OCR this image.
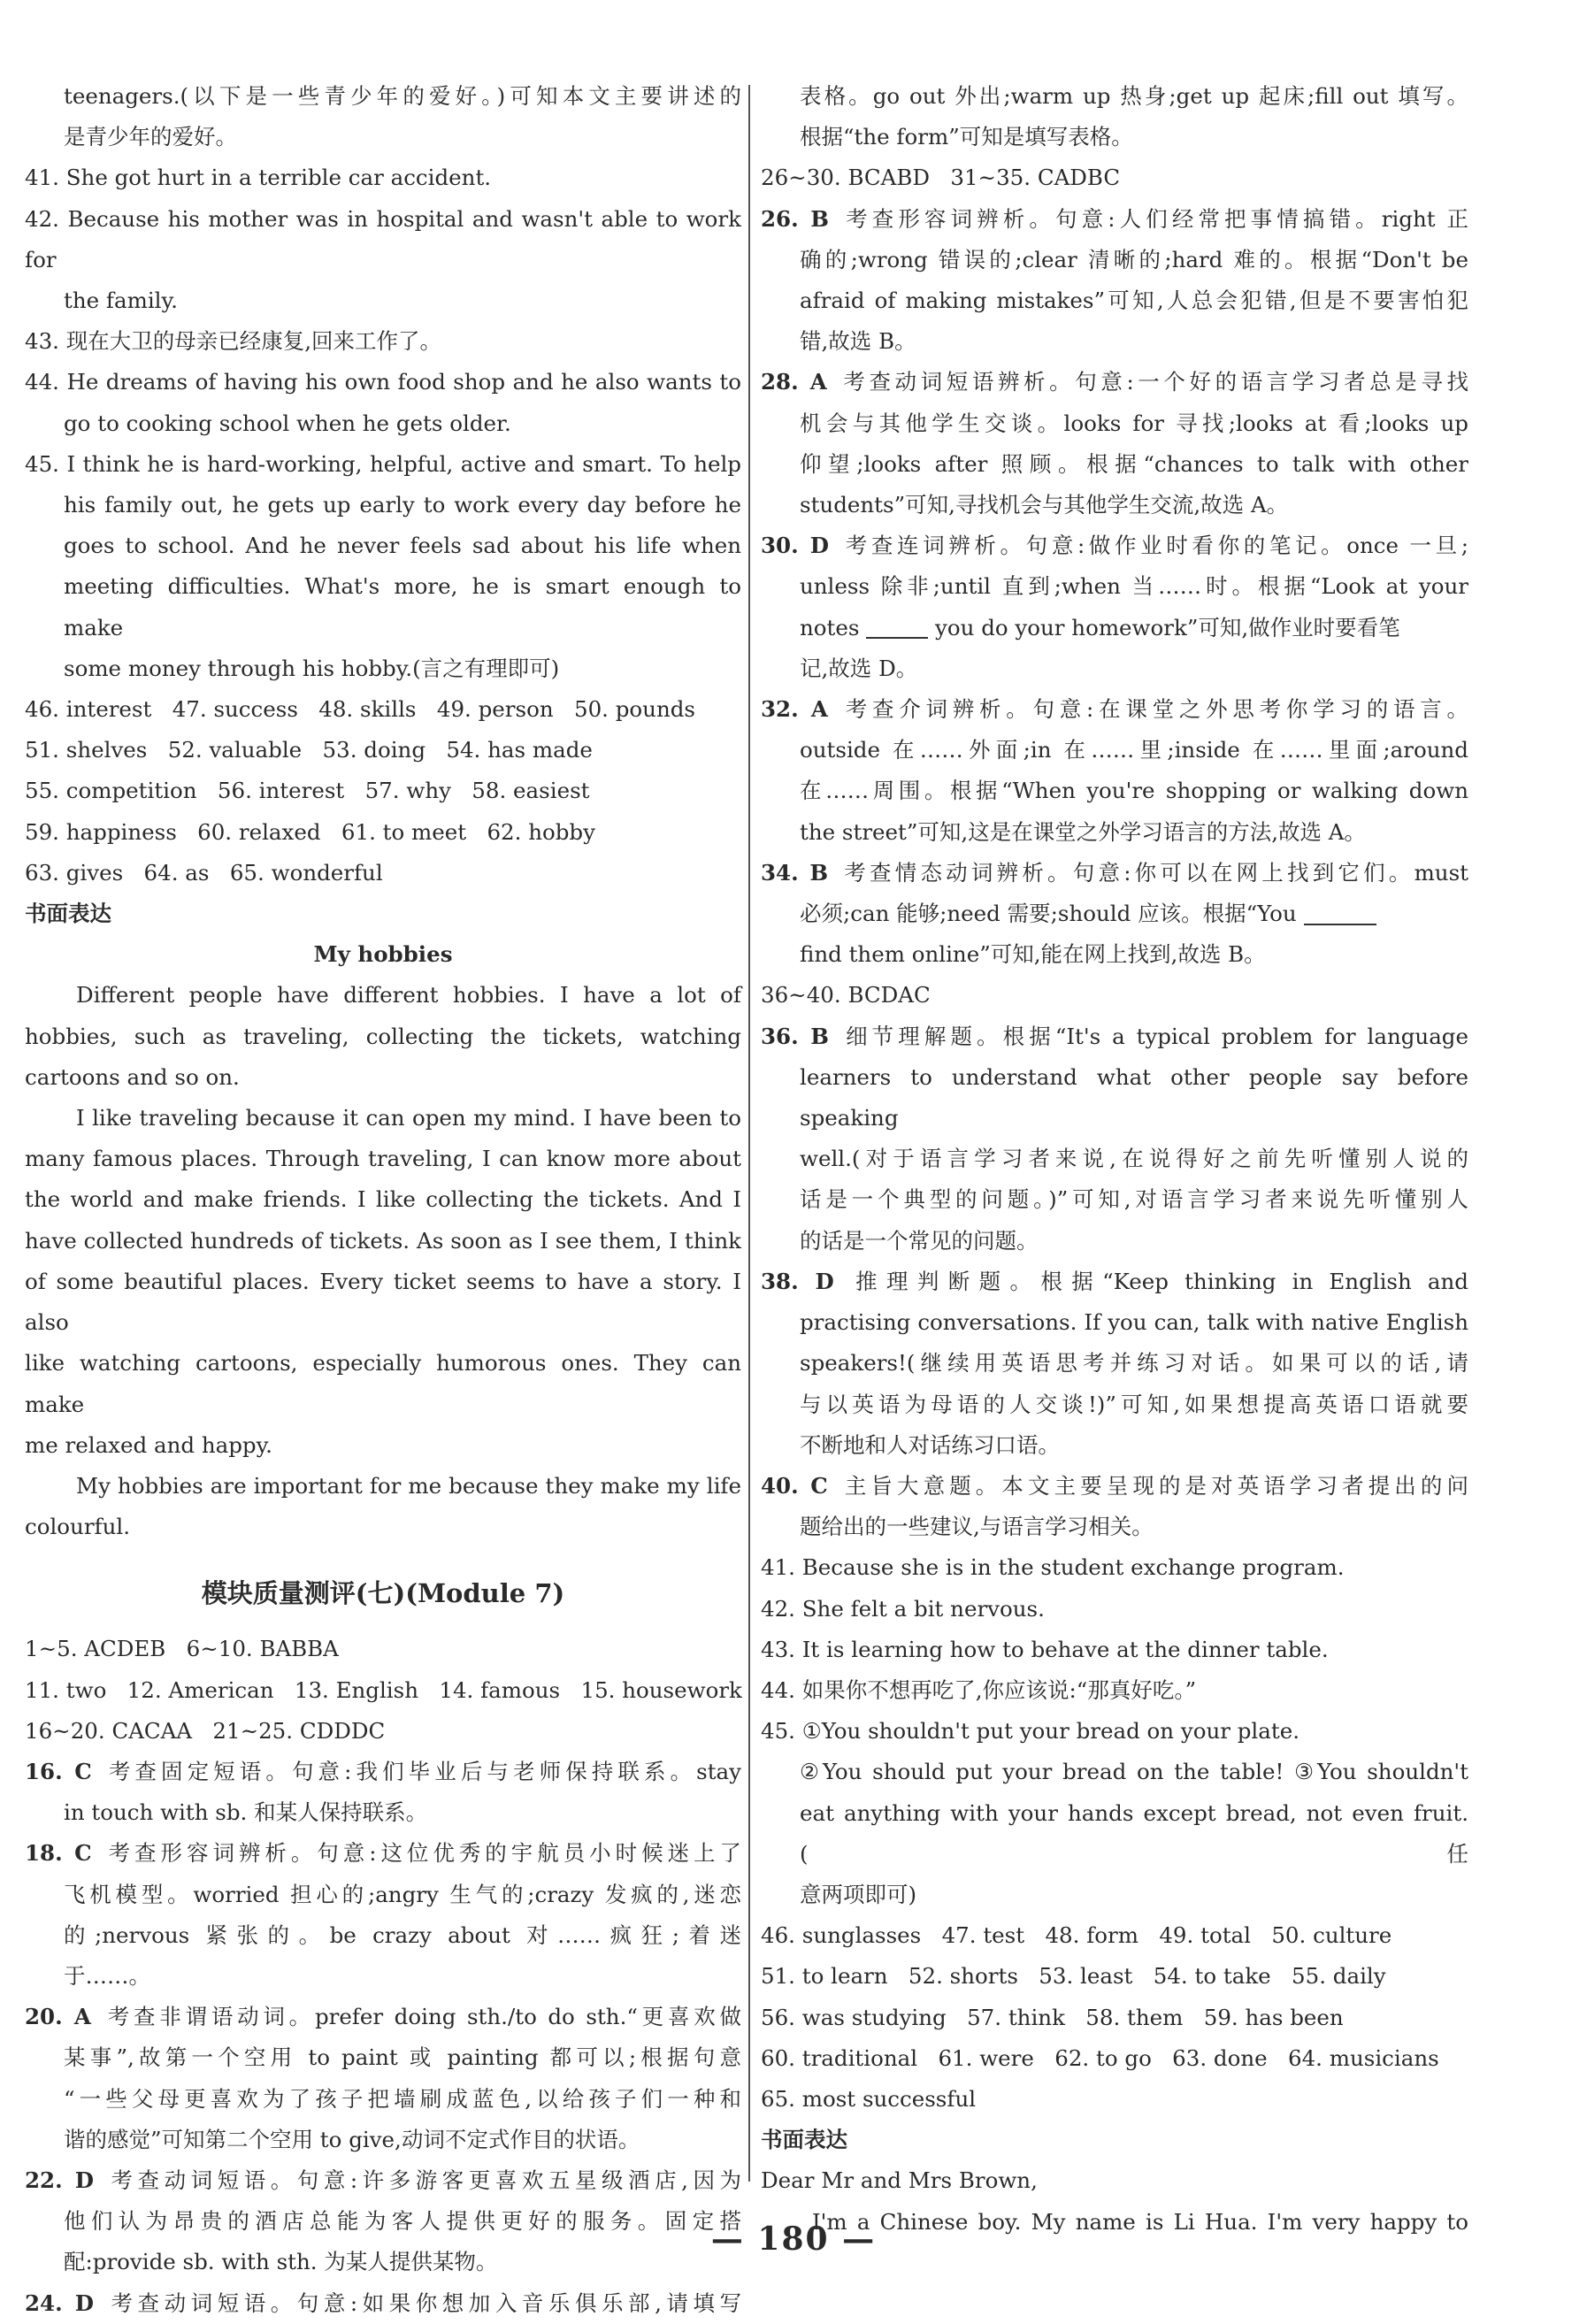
teenagers.(以下是一些青少年的爱好。)可知本文主要讲述的
是青少年的爱好。
41. She got hurt in a terrible car accident.
42. Because his mother was in hospital and wasn't able to work for
the family.
43. 现在大卫的母亲已经康复,回来工作了。
44. He dreams of having his own food shop and he also wants to
go to cooking school when he gets older.
45. I think he is hard-working, helpful, active and smart. To help
his family out, he gets up early to work every day before he
goes to school. And he never feels sad about his life when
meeting difficulties. What's more, he is smart enough to make
some money through his hobby.(言之有理即可)
46. interest   47. success   48. skills   49. person   50. pounds
51. shelves   52. valuable   53. doing   54. has made
55. competition   56. interest   57. why   58. easiest
59. happiness   60. relaxed   61. to meet   62. hobby
63. gives   64. as   65. wonderful
书面表达
My hobbies
Different people have different hobbies. I have a lot of
hobbies, such as traveling, collecting the tickets, watching
cartoons and so on.
I like traveling because it can open my mind. I have been to
many famous places. Through traveling, I can know more about
the world and make friends. I like collecting the tickets. And I
have collected hundreds of tickets. As soon as I see them, I think
of some beautiful places. Every ticket seems to have a story. I also
like watching cartoons, especially humorous ones. They can make
me relaxed and happy.
My hobbies are important for me because they make my life
colourful.
模块质量测评(七)(Module 7)
1~5. ACDEB   6~10. BABBA
11. two   12. American   13. English   14. famous   15. housework
16~20. CACAA   21~25. CDDDC
16. C 考查固定短语。句意:我们毕业后与老师保持联系。stay
in touch with sb. 和某人保持联系。
18. C 考查形容词辨析。句意:这位优秀的宇航员小时候迷上了
飞机模型。worried 担心的;angry 生气的;crazy 发疯的,迷恋
的;nervous 紧张的。be crazy about 对……疯狂;着迷
于……。
20. A 考查非谓语动词。prefer doing sth./to do sth.“更喜欢做
某事”,故第一个空用 to paint 或 painting 都可以;根据句意
“一些父母更喜欢为了孩子把墙刷成蓝色,以给孩子们一种和
谐的感觉”可知第二个空用 to give,动词不定式作目的状语。
22. D 考查动词短语。句意:许多游客更喜欢五星级酒店,因为
他们认为昂贵的酒店总能为客人提供更好的服务。固定搭
配:provide sb. with sth. 为某人提供某物。
24. D 考查动词短语。句意:如果你想加入音乐俱乐部,请填写
表格。go out 外出;warm up 热身;get up 起床;fill out 填写。
根据“the form”可知是填写表格。
26~30. BCABD   31~35. CADBC
26. B 考查形容词辨析。句意:人们经常把事情搞错。right 正
确的;wrong 错误的;clear 清晰的;hard 难的。根据“Don't be
afraid of making mistakes”可知,人总会犯错,但是不要害怕犯
错,故选 B。
28. A 考查动词短语辨析。句意:一个好的语言学习者总是寻找
机会与其他学生交谈。looks for 寻找;looks at 看;looks up
仰望;looks after 照顾。根据“chances to talk with other
students”可知,寻找机会与其他学生交流,故选 A。
30. D 考查连词辨析。句意:做作业时看你的笔记。once 一旦;
unless 除非;until 直到;when 当……时。根据“Look at your
notes	you do your homework”可知,做作业时要看笔
记,故选 D。
32. A 考查介词辨析。句意:在课堂之外思考你学习的语言。
outside 在……外面;in 在……里;inside 在……里面;around
在……周围。根据“When you're shopping or walking down
the street”可知,这是在课堂之外学习语言的方法,故选 A。
34. B 考查情态动词辨析。句意:你可以在网上找到它们。must
必须;can 能够;need 需要;should 应该。根据“You
find them online”可知,能在网上找到,故选 B。
36~40. BCDAC
36. B 细节理解题。根据“It's a typical problem for language
learners to understand what other people say before speaking
well.(对于语言学习者来说,在说得好之前先听懂别人说的
话是一个典型的问题。)”可知,对语言学习者来说先听懂别人
的话是一个常见的问题。
38. D 推理判断题。根据“Keep thinking in English and
practising conversations. If you can, talk with native English
speakers!(继续用英语思考并练习对话。如果可以的话,请
与以英语为母语的人交谈!)”可知,如果想提高英语口语就要
不断地和人对话练习口语。
40. C 主旨大意题。本文主要呈现的是对英语学习者提出的问
题给出的一些建议,与语言学习相关。
41. Because she is in the student exchange program.
42. She felt a bit nervous.
43. It is learning how to behave at the dinner table.
44. 如果你不想再吃了,你应该说:“那真好吃。”
45. ①You shouldn't put your bread on your plate.
②You should put your bread on the table! ③You shouldn't
eat anything with your hands except bread, not even fruit.(任
意两项即可)
46. sunglasses   47. test   48. form   49. total   50. culture
51. to learn   52. shorts   53. least   54. to take   55. daily
56. was studying   57. think   58. them   59. has been
60. traditional   61. were   62. to go   63. done   64. musicians
65. most successful
书面表达
Dear Mr and Mrs Brown,
I'm a Chinese boy. My name is Li Hua. I'm very happy to
— 180 —
